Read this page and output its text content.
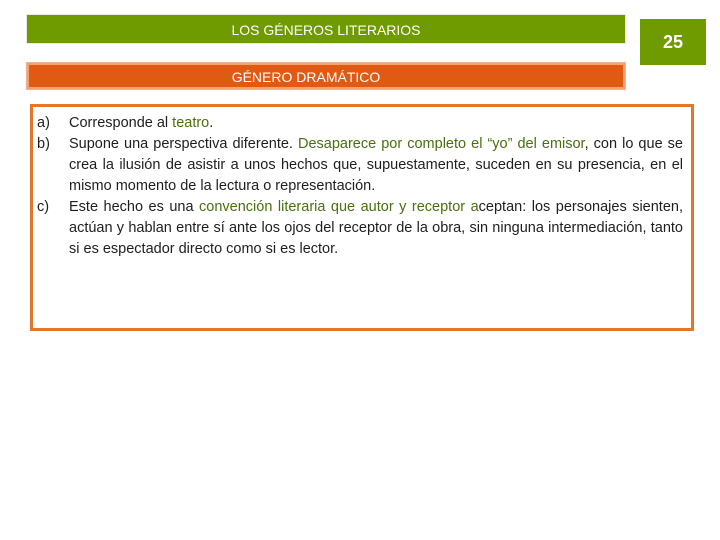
LOS GÉNEROS LITERARIOS
25
GÉNERO DRAMÁTICO
a) Corresponde al teatro.
b) Supone una perspectiva diferente. Desaparece por completo el “yo” del emisor, con lo que se crea la ilusión de asistir a unos hechos que, supuestamente, suceden en su presencia, en el mismo momento de la lectura o representación.
c) Este hecho es una convención literaria que autor y receptor aceptan: los personajes sienten, actúan y hablan entre sí ante los ojos del receptor de la obra, sin ninguna intermediación, tanto si es espectador directo como si es lector.
